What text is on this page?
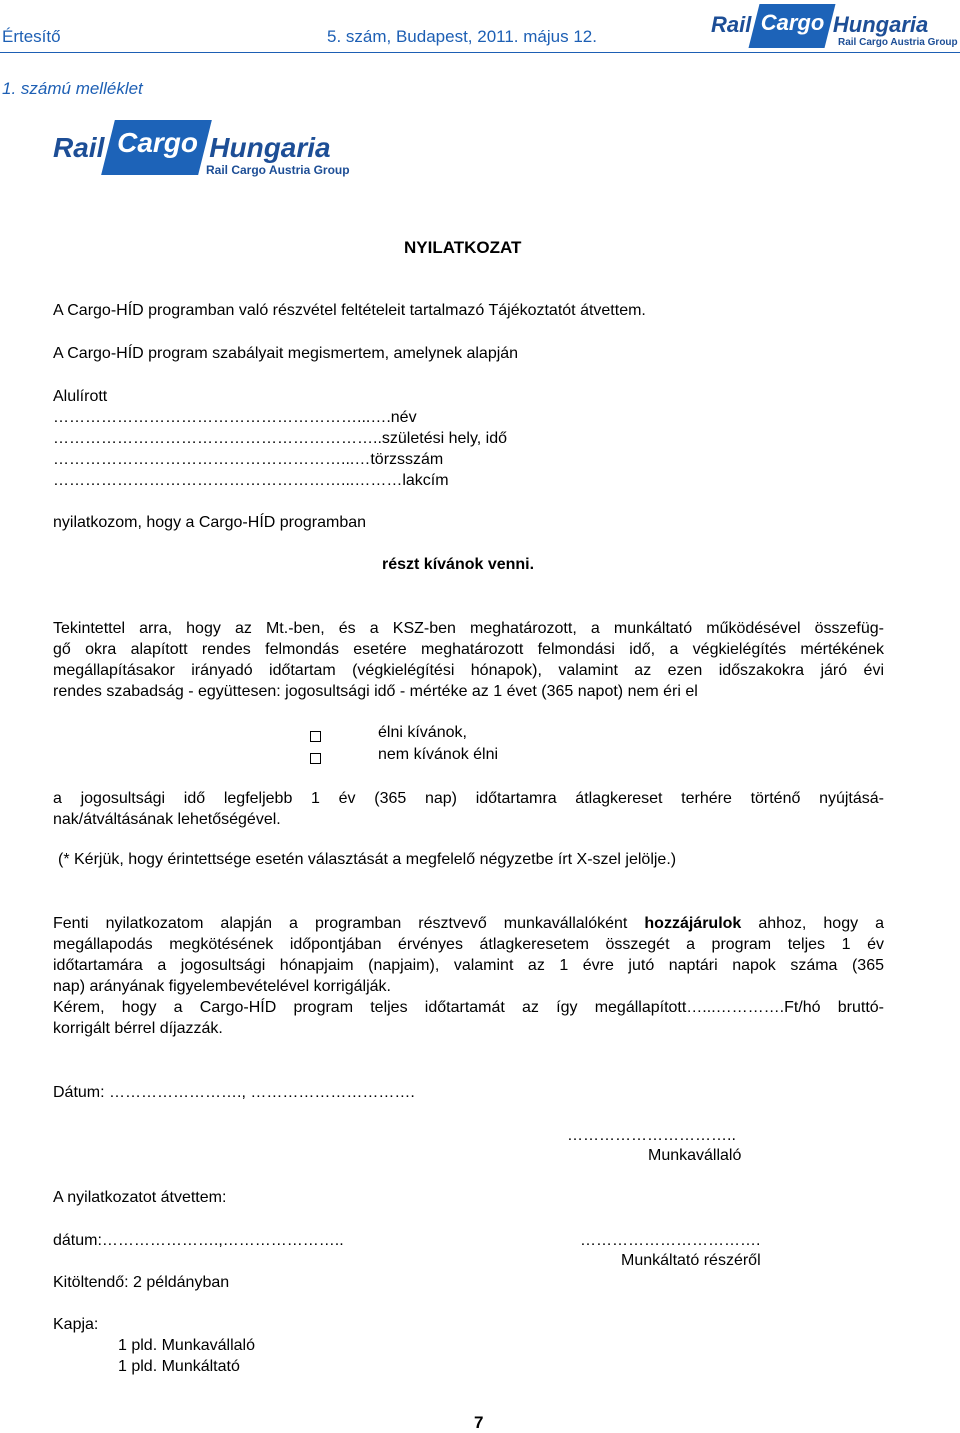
Értesítő	5. szám, Budapest, 2011. május 12.	Rail Cargo Hungaria
Rail Cargo Austria Group
1. számú melléklet
Rail Cargo Hungaria
Rail Cargo Austria Group
NYILATKOZAT
A Cargo-HÍD programban való részvétel feltételeit tartalmazó Tájékoztatót átvettem.
A Cargo-HÍD program szabályait megismertem, amelynek alapján
Alulírott
…………………………………………………...….név
……………………………………………………..születési hely, idő
………………………………………………...…törzsszám
………………………………………………...………lakcím
nyilatkozom, hogy a Cargo-HÍD programban
részt kívánok venni.
Tekintettel arra, hogy az Mt.-ben, és a KSZ-ben meghatározott, a munkáltató működésével összefüg-
gő okra alapított rendes felmondás esetére meghatározott felmondási idő, a végkielégítés mértékének
megállapításakor irányadó időtartam (végkielégítési hónapok), valamint az ezen időszakokra járó évi
rendes szabadság - együttesen: jogosultsági idő - mértéke az 1 évet (365 napot) nem éri el
élni kívánok,
nem kívánok élni
a jogosultsági idő legfeljebb 1 év (365 nap) időtartamra átlagkereset terhére történő nyújtásá-
nak/átváltásának lehetőségével.
(* Kérjük, hogy érintettsége esetén választását a megfelelő négyzetbe írt X-szel jelölje.)
Fenti nyilatkozatom alapján a programban résztvevő munkavállalóként hozzájárulok ahhoz, hogy a
megállapodás megkötésének időpontjában érvényes átlagkeresetem összegét a program teljes 1 év
időtartamára a jogosultsági hónapjaim (napjaim), valamint az 1 évre jutó naptári napok száma (365
nap) arányának figyelembevételével korrigálják.
Kérem, hogy a Cargo-HÍD program teljes időtartamát az így megállapított…...………….Ft/hó bruttó-
korrigált bérrel díjazzák.
Dátum: ……………………., ………………………….
…………………………..
Munkavállaló
A nyilatkozatot átvettem:
dátum:………………….,…………………..	…………………………….
Munkáltató részéről
Kitöltendő: 2 példányban
Kapja:
1 pld. Munkavállaló
1 pld. Munkáltató
7
